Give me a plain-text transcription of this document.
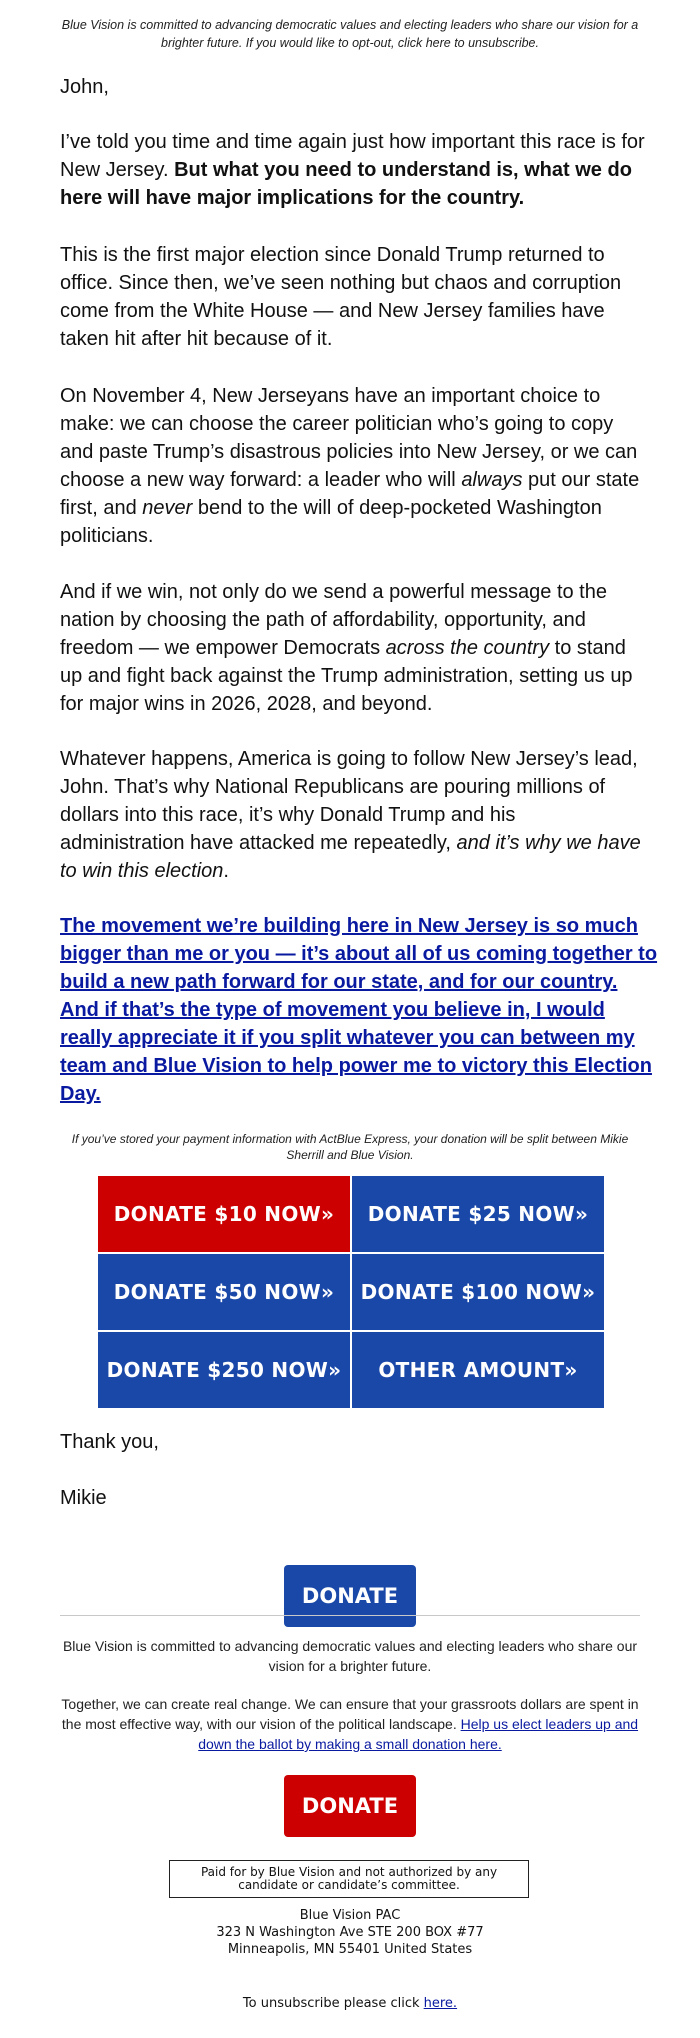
Blue Vision is committed to advancing democratic values and electing leaders who share our vision for a brighter future. If you would like to opt-out, click here to unsubscribe.

John,

I’ve told you time and time again just how important this race is for New Jersey. But what you need to understand is, what we do here will have major implications for the country.

This is the first major election since Donald Trump returned to office. Since then, we’ve seen nothing but chaos and corruption come from the White House — and New Jersey families have taken hit after hit because of it.

On November 4, New Jerseyans have an important choice to make: we can choose the career politician who’s going to copy and paste Trump’s disastrous policies into New Jersey, or we can choose a new way forward: a leader who will always put our state first, and never bend to the will of deep-pocketed Washington politicians.

And if we win, not only do we send a powerful message to the nation by choosing the path of affordability, opportunity, and freedom — we empower Democrats across the country to stand up and fight back against the Trump administration, setting us up for major wins in 2026, 2028, and beyond.

Whatever happens, America is going to follow New Jersey’s lead, John. That’s why National Republicans are pouring millions of dollars into this race, it’s why Donald Trump and his administration have attacked me repeatedly, and it’s why we have to win this election.

The movement we’re building here in New Jersey is so much bigger than me or you — it’s about all of us coming together to build a new path forward for our state, and for our country. And if that’s the type of movement you believe in, I would really appreciate it if you split whatever you can between my team and Blue Vision to help power me to victory this Election Day.
If you’ve stored your payment information with ActBlue Express, your donation will be split between Mikie Sherrill and Blue Vision.
DONATE $10 NOW»	DONATE $25 NOW»
DONATE $50 NOW»	DONATE $100 NOW»
DONATE $250 NOW»	OTHER AMOUNT»
Thank you,
Mikie
DONATE
Blue Vision is committed to advancing democratic values and electing leaders who share our vision for a brighter future.
Together, we can create real change. We can ensure that your grassroots dollars are spent in the most effective way, with our vision of the political landscape. Help us elect leaders up and down the ballot by making a small donation here.
DONATE
Paid for by Blue Vision and not authorized by any candidate or candidate’s committee.
Blue Vision PAC
323 N Washington Ave STE 200 BOX #77
Minneapolis, MN 55401 United States
To unsubscribe please click here.
